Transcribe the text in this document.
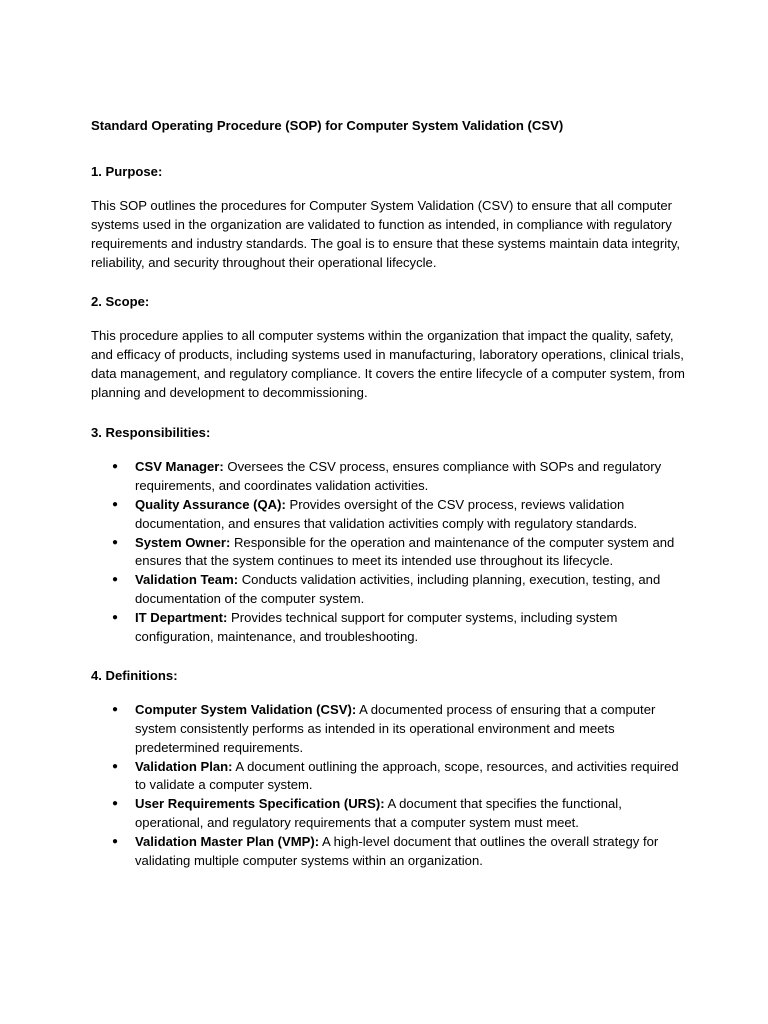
Standard Operating Procedure (SOP) for Computer System Validation (CSV)

1. Purpose:

This SOP outlines the procedures for Computer System Validation (CSV) to ensure that all computer systems used in the organization are validated to function as intended, in compliance with regulatory requirements and industry standards. The goal is to ensure that these systems maintain data integrity, reliability, and security throughout their operational lifecycle.

2. Scope:

This procedure applies to all computer systems within the organization that impact the quality, safety, and efficacy of products, including systems used in manufacturing, laboratory operations, clinical trials, data management, and regulatory compliance. It covers the entire lifecycle of a computer system, from planning and development to decommissioning.

3. Responsibilities:

● CSV Manager: Oversees the CSV process, ensures compliance with SOPs and regulatory requirements, and coordinates validation activities.
● Quality Assurance (QA): Provides oversight of the CSV process, reviews validation documentation, and ensures that validation activities comply with regulatory standards.
● System Owner: Responsible for the operation and maintenance of the computer system and ensures that the system continues to meet its intended use throughout its lifecycle.
● Validation Team: Conducts validation activities, including planning, execution, testing, and documentation of the computer system.
● IT Department: Provides technical support for computer systems, including system configuration, maintenance, and troubleshooting.

4. Definitions:

● Computer System Validation (CSV): A documented process of ensuring that a computer system consistently performs as intended in its operational environment and meets predetermined requirements.
● Validation Plan: A document outlining the approach, scope, resources, and activities required to validate a computer system.
● User Requirements Specification (URS): A document that specifies the functional, operational, and regulatory requirements that a computer system must meet.
● Validation Master Plan (VMP): A high-level document that outlines the overall strategy for validating multiple computer systems within an organization.
